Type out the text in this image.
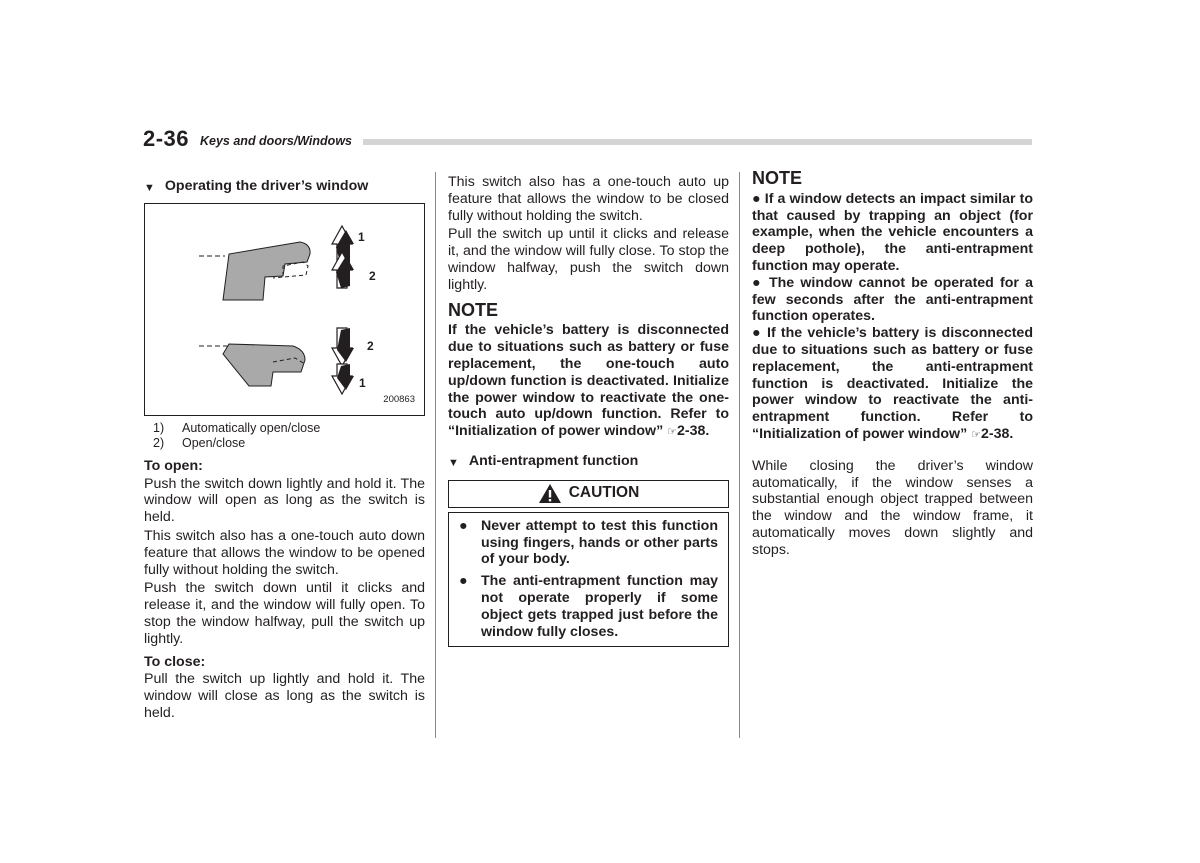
2-36 Keys and doors/Windows
▼ Operating the driver’s window
1
2
2
1
200863
1)	Automatically open/close
2)	Open/close
To open:

Push the switch down lightly and hold it. The window will open as long as the switch is held.

This switch also has a one-touch auto down feature that allows the window to be opened fully without holding the switch.

Push the switch down until it clicks and release it, and the window will fully open. To stop the window halfway, pull the switch up lightly.

To close:

Pull the switch up lightly and hold it. The window will close as long as the switch is held.

This switch also has a one-touch auto up feature that allows the window to be closed fully without holding the switch.

Pull the switch up until it clicks and release it, and the window will fully close. To stop the window halfway, push the switch down lightly.

NOTE

If the vehicle’s battery is disconnected due to situations such as battery or fuse replacement, the one-touch auto up/down function is deactivated. Initialize the power window to reactivate the one-touch auto up/down function. Refer to “Initialization of power window” ☞2-38.

▼ Anti-entrapment function
CAUTION
● Never attempt to test this function using fingers, hands or other parts of your body.
● The anti-entrapment function may not operate properly if some object gets trapped just before the window fully closes.
NOTE

● If a window detects an impact similar to that caused by trapping an object (for example, when the vehicle encounters a deep pothole), the anti-entrapment function may operate.

● The window cannot be operated for a few seconds after the anti-entrapment function operates.

● If the vehicle’s battery is disconnected due to situations such as battery or fuse replacement, the anti-entrapment function is deactivated. Initialize the power window to reactivate the anti-entrapment function. Refer to “Initialization of power window” ☞2-38.

While closing the driver’s window automatically, if the window senses a substantial enough object trapped between the window and the window frame, it automatically moves down slightly and stops.
